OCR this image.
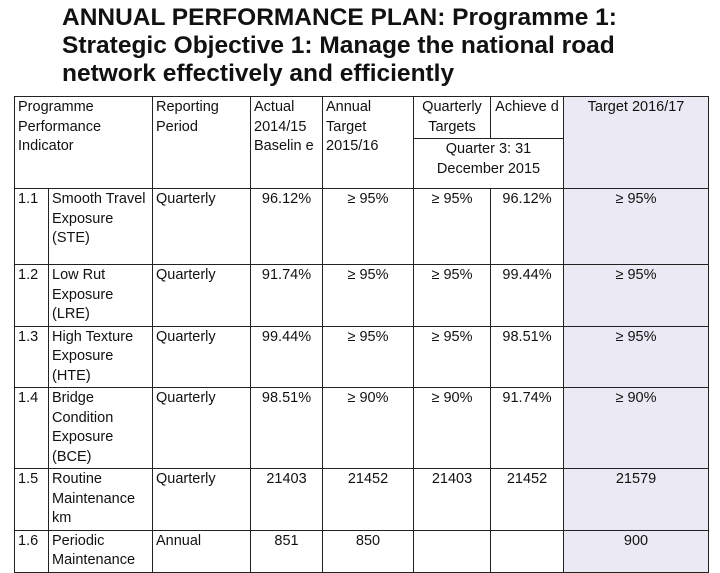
ANNUAL PERFORMANCE PLAN: Programme 1: Strategic Objective 1: Manage the national road network effectively and efficiently
Programme Performance Indicator		Reporting Period	Actual 2014/15 Baselin e	Annual Target 2015/16	Quarterly Targets	Achieve d	Target 2016/17
					Quarter 3: 31 December 2015		
1.1	Smooth Travel Exposure (STE)	Quarterly	96.12%	≥ 95%	≥ 95%	96.12%	≥ 95%
1.2	Low Rut Exposure (LRE)	Quarterly	91.74%	≥ 95%	≥ 95%	99.44%	≥ 95%
1.3	High Texture Exposure (HTE)	Quarterly	99.44%	≥ 95%	≥ 95%	98.51%	≥ 95%
1.4	Bridge Condition Exposure (BCE)	Quarterly	98.51%	≥ 90%	≥ 90%	91.74%	≥ 90%
1.5	Routine Maintenance km	Quarterly	21403	21452	21403	21452	21579
1.6	Periodic Maintenance	Annual	851	850			900
